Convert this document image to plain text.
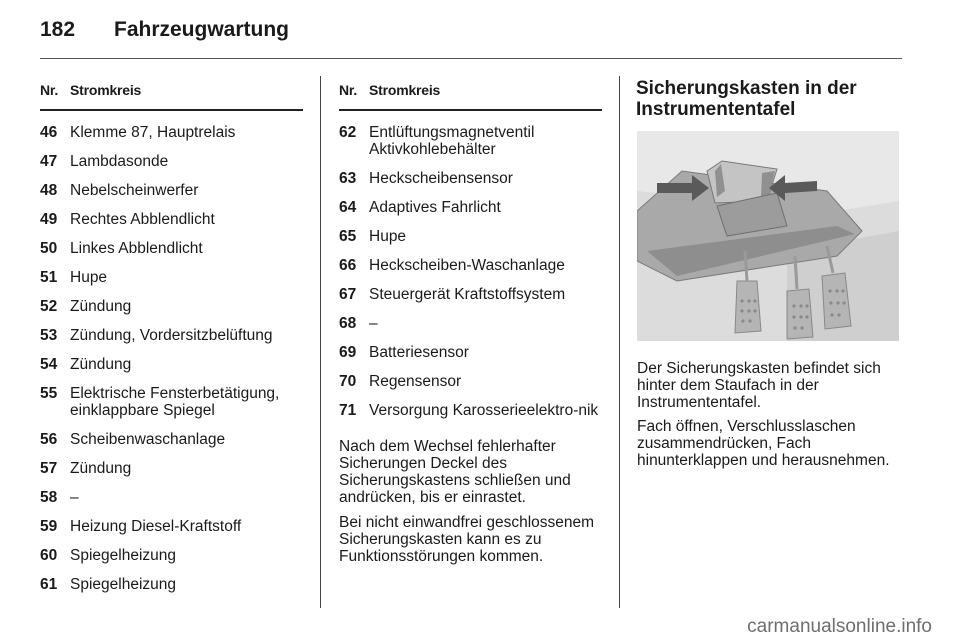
182 Fahrzeugwartung
Nr. Stromkreis
46 Klemme 87, Hauptrelais
47 Lambdasonde
48 Nebelscheinwerfer
49 Rechtes Abblendlicht
50 Linkes Abblendlicht
51 Hupe
52 Zündung
53 Zündung, Vordersitzbelüftung
54 Zündung
55 Elektrische Fensterbetätigung, einklappbare Spiegel
56 Scheibenwaschanlage
57 Zündung
58 –
59 Heizung Diesel-Kraftstoff
60 Spiegelheizung
61 Spiegelheizung
Nr. Stromkreis
62 Entlüftungsmagnetventil Aktivkohlebehälter
63 Heckscheibensensor
64 Adaptives Fahrlicht
65 Hupe
66 Heckscheiben-Waschanlage
67 Steuergerät Kraftstoffsystem
68 –
69 Batteriesensor
70 Regensensor
71 Versorgung Karosserieelektro-nik
Nach dem Wechsel fehlerhafter Sicherungen Deckel des Sicherungskastens schließen und andrücken, bis er einrastet.
Bei nicht einwandfrei geschlossenem Sicherungskasten kann es zu Funktionsstörungen kommen.
Sicherungskasten in der Instrumententafel
Der Sicherungskasten befindet sich hinter dem Staufach in der Instrumententafel.
Fach öffnen, Verschlusslaschen zusammendrücken, Fach hinunterklappen und herausnehmen.
carmanualsonline.info
